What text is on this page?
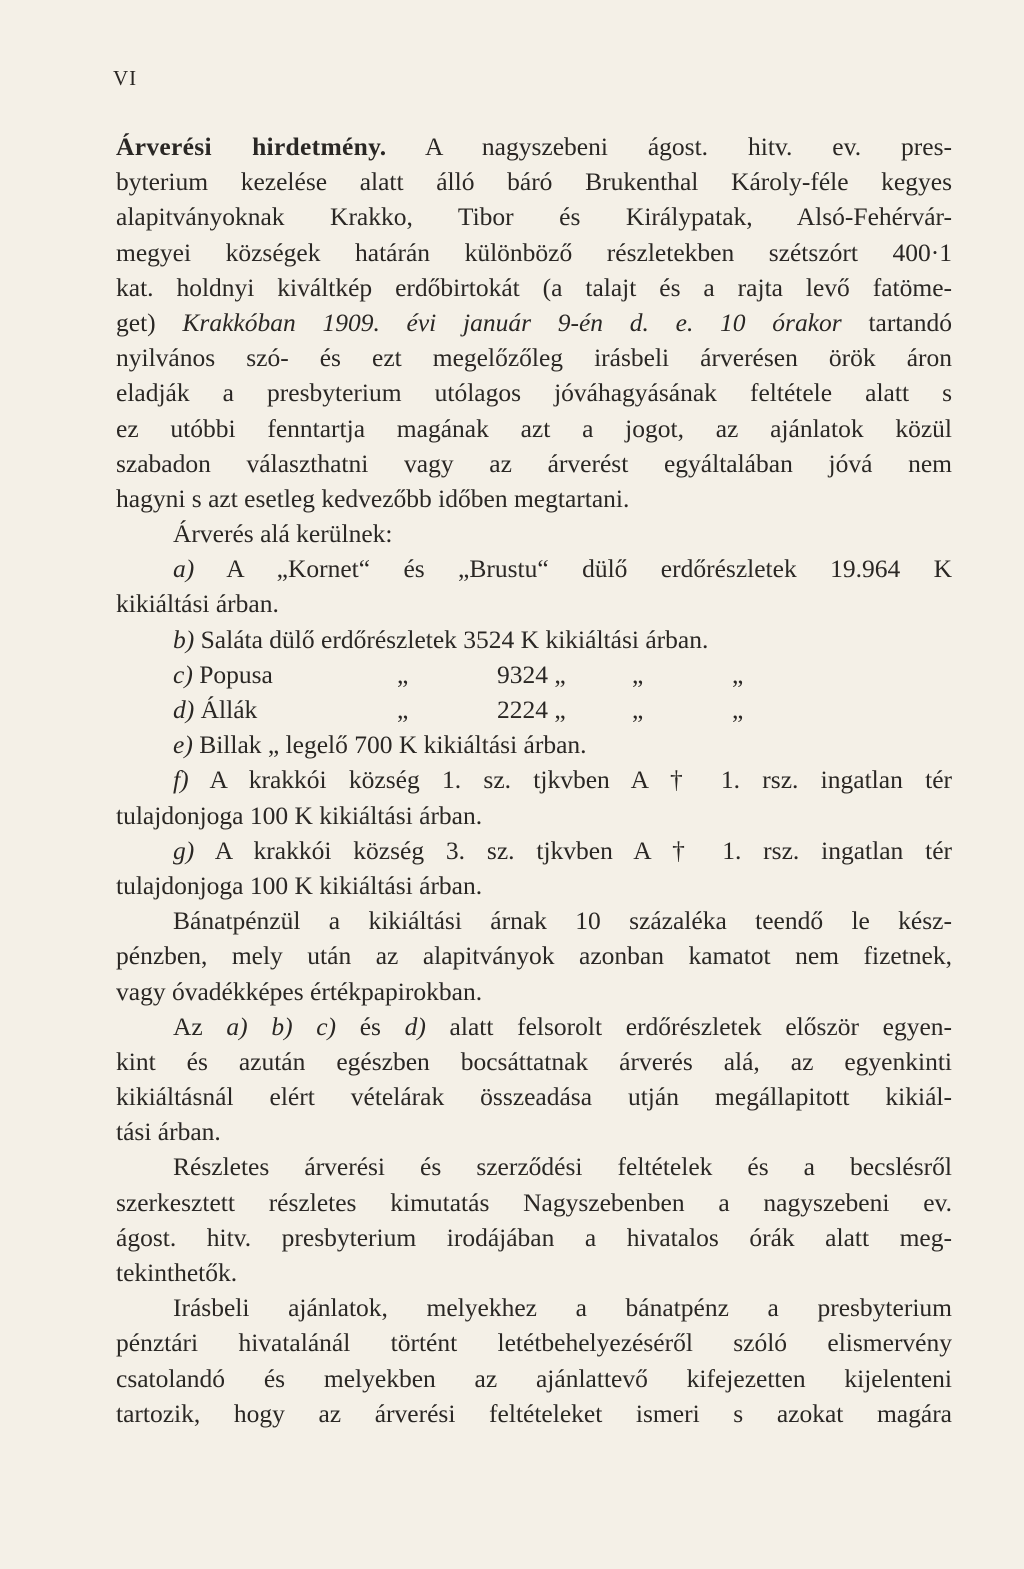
VI
Árverési hirdetmény. A nagyszebeni ágost. hitv. ev. pres-
byterium kezelése alatt álló báró Brukenthal Károly-féle kegyes
alapitványoknak Krakko, Tibor és Királypatak, Alsó-Fehérvár-
megyei községek határán különböző részletekben szétszórt 400·1
kat. holdnyi kiváltkép erdőbirtokát (a talajt és a rajta levő fatöme-
get) Krakkóban 1909. évi január 9-én d. e. 10 órakor tartandó
nyilvános szó- és ezt megelőzőleg irásbeli árverésen örök áron
eladják a presbyterium utólagos jóváhagyásának feltétele alatt s
ez utóbbi fenntartja magának azt a jogot, az ajánlatok közül
szabadon választhatni vagy az árverést egyáltalában jóvá nem
hagyni s azt esetleg kedvezőbb időben megtartani.
Árverés alá kerülnek:
a) A „Kornet“ és „Brustu“ dülő erdőrészletek 19.964 K
kikiáltási árban.
b) Saláta dülő erdőrészletek 3524 K kikiáltási árban.
c) Popusa	„	9324 „	„	„
d) Állák	„	2224 „	„	„
e) Billak „ legelő 700 K kikiáltási árban.
f) A krakkói község 1. sz. tjkvben A † 1. rsz. ingatlan tér
tulajdonjoga 100 K kikiáltási árban.
g) A krakkói község 3. sz. tjkvben A † 1. rsz. ingatlan tér
tulajdonjoga 100 K kikiáltási árban.
Bánatpénzül a kikiáltási árnak 10 százaléka teendő le kész-
pénzben, mely után az alapitványok azonban kamatot nem fizetnek,
vagy óvadékképes értékpapirokban.
Az a) b) c) és d) alatt felsorolt erdőrészletek először egyen-
kint és azután egészben bocsáttatnak árverés alá, az egyenkinti
kikiáltásnál elért vételárak összeadása utján megállapitott kikiál-
tási árban.
Részletes árverési és szerződési feltételek és a becslésről
szerkesztett részletes kimutatás Nagyszebenben a nagyszebeni ev.
ágost. hitv. presbyterium irodájában a hivatalos órák alatt meg-
tekinthetők.
Irásbeli ajánlatok, melyekhez a bánatpénz a presbyterium
pénztári hivatalánál történt letétbehelyezéséről szóló elismervény
csatolandó és melyekben az ajánlattevő kifejezetten kijelenteni
tartozik, hogy az árverési feltételeket ismeri s azokat magára
